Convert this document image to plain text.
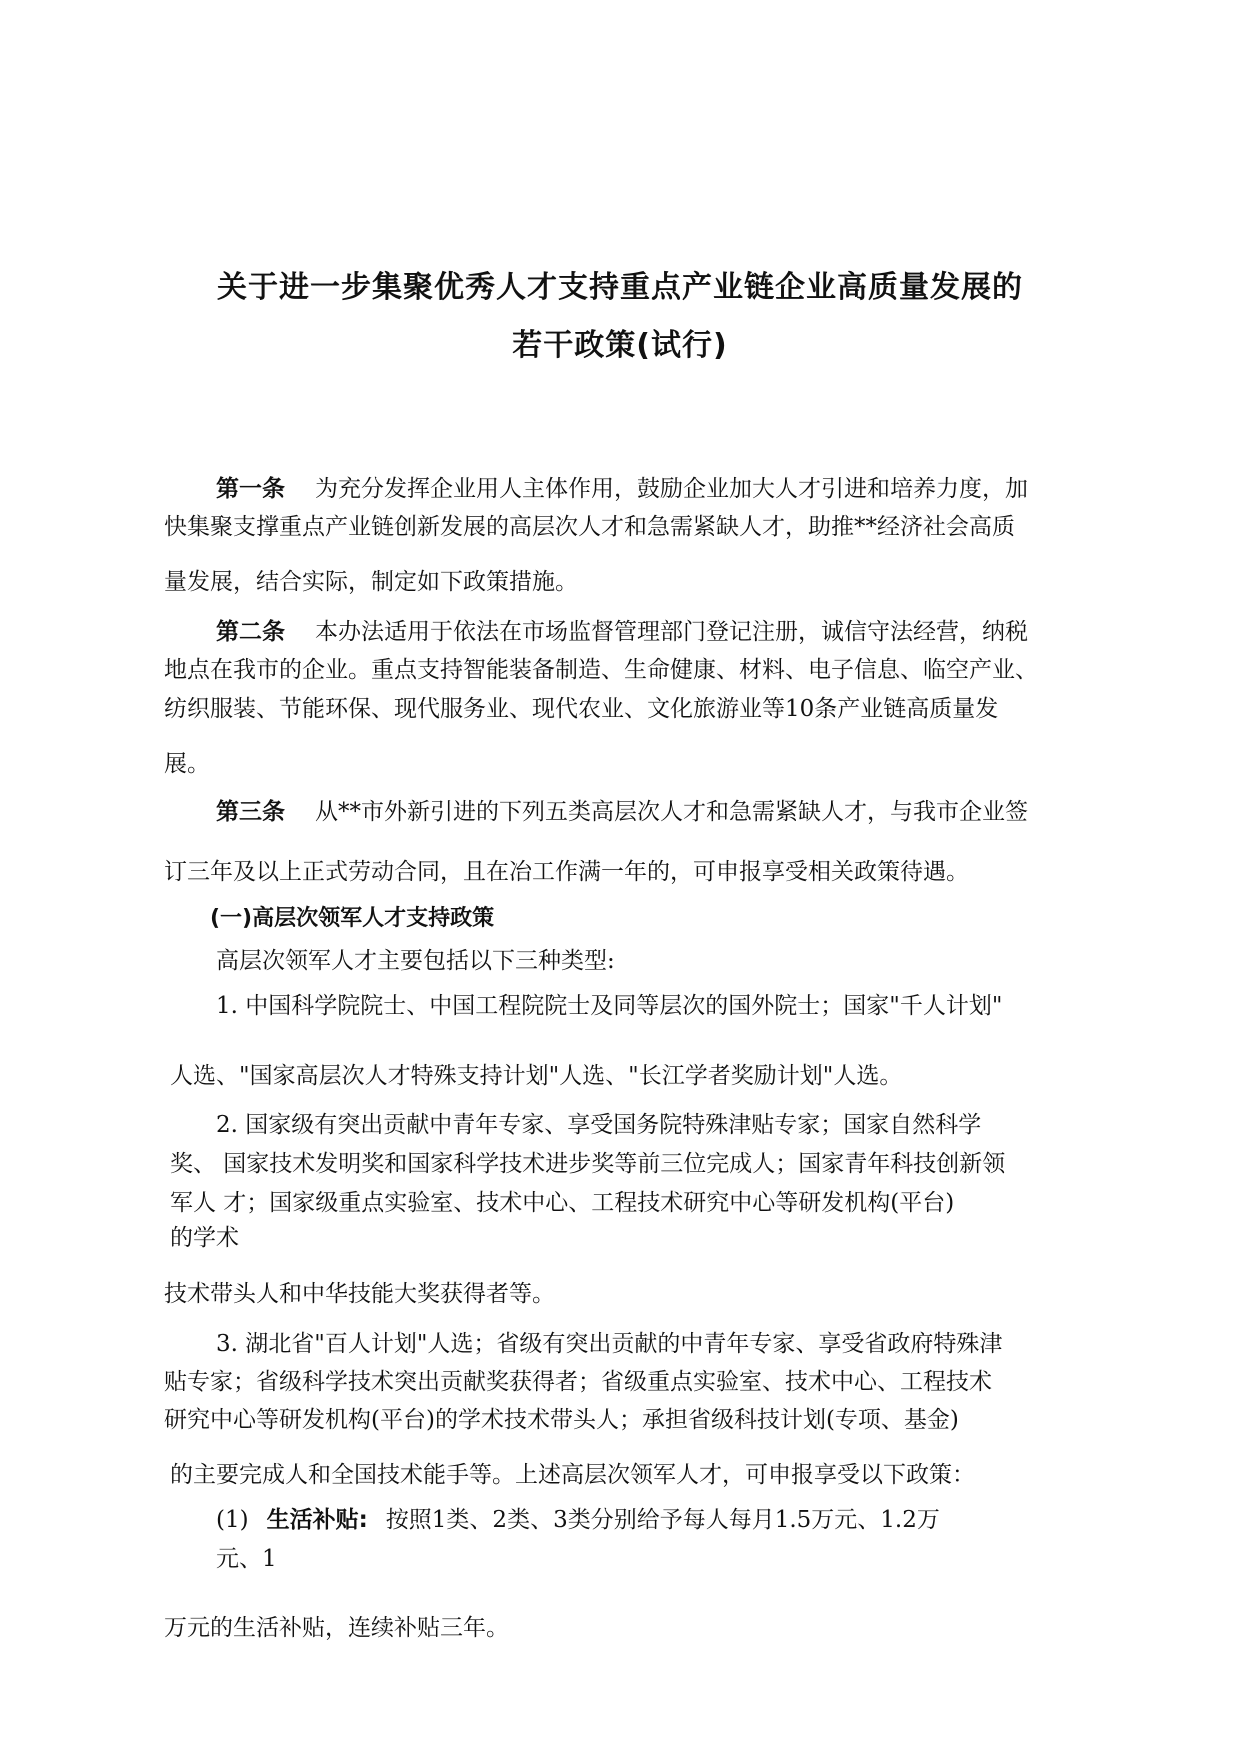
关于进一步集聚优秀人才支持重点产业链企业高质量发展的
若干政策(试行)
第一条 为充分发挥企业用人主体作用，鼓励企业加大人才引进和培养力度，加
快集聚支撑重点产业链创新发展的高层次人才和急需紧缺人才，助推**经济社会高质
量发展，结合实际，制定如下政策措施。
第二条 本办法适用于依法在市场监督管理部门登记注册，诚信守法经营，纳税
地点在我市的企业。重点支持智能装备制造、生命健康、材料、电子信息、临空产业、
纺织服装、节能环保、现代服务业、现代农业、文化旅游业等10条产业链高质量发
展。
第三条 从**市外新引进的下列五类高层次人才和急需紧缺人才，与我市企业签
订三年及以上正式劳动合同，且在冶工作满一年的，可申报享受相关政策待遇。
(一)高层次领军人才支持政策
高层次领军人才主要包括以下三种类型:
1. 中国科学院院士、中国工程院院士及同等层次的国外院士；国家"千人计划"
人选、"国家高层次人才特殊支持计划"人选、"长江学者奖励计划"人选。
2. 国家级有突出贡献中青年专家、享受国务院特殊津贴专家；国家自然科学
奖、 国家技术发明奖和国家科学技术进步奖等前三位完成人；国家青年科技创新领
军人 才；国家级重点实验室、技术中心、工程技术研究中心等研发机构(平台)
的学术
技术带头人和中华技能大奖获得者等。
3. 湖北省"百人计划"人选；省级有突出贡献的中青年专家、享受省政府特殊津
贴专家；省级科学技术突出贡献奖获得者；省级重点实验室、技术中心、工程技术
研究中心等研发机构(平台)的学术技术带头人；承担省级科技计划(专项、基金)
的主要完成人和全国技术能手等。上述高层次领军人才，可申报享受以下政策：
(1) 生活补贴: 按照1类、2类、3类分别给予每人每月1.5万元、1.2万
元、1
万元的生活补贴，连续补贴三年。
